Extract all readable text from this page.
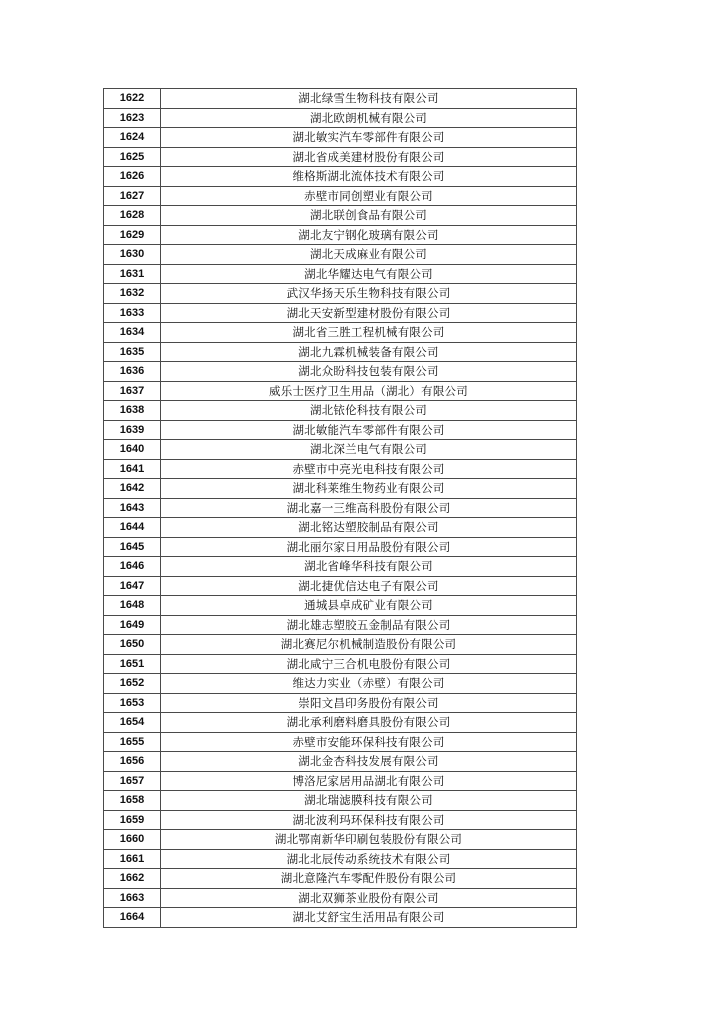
1622	湖北绿雪生物科技有限公司
1623	湖北欧朗机械有限公司
1624	湖北敏实汽车零部件有限公司
1625	湖北省成美建材股份有限公司
1626	维格斯湖北流体技术有限公司
1627	赤壁市同创塑业有限公司
1628	湖北联创食品有限公司
1629	湖北友宁钢化玻璃有限公司
1630	湖北天成麻业有限公司
1631	湖北华耀达电气有限公司
1632	武汉华扬天乐生物科技有限公司
1633	湖北天安新型建材股份有限公司
1634	湖北省三胜工程机械有限公司
1635	湖北九霖机械装备有限公司
1636	湖北众盼科技包装有限公司
1637	威乐士医疗卫生用品（湖北）有限公司
1638	湖北铱伦科技有限公司
1639	湖北敏能汽车零部件有限公司
1640	湖北深兰电气有限公司
1641	赤壁市中亮光电科技有限公司
1642	湖北科莱维生物药业有限公司
1643	湖北嘉一三维高科股份有限公司
1644	湖北铭达塑胶制品有限公司
1645	湖北丽尔家日用品股份有限公司
1646	湖北省峰华科技有限公司
1647	湖北捷优信达电子有限公司
1648	通城县卓成矿业有限公司
1649	湖北雄志塑胶五金制品有限公司
1650	湖北赛尼尔机械制造股份有限公司
1651	湖北咸宁三合机电股份有限公司
1652	维达力实业（赤壁）有限公司
1653	崇阳文昌印务股份有限公司
1654	湖北承利磨料磨具股份有限公司
1655	赤壁市安能环保科技有限公司
1656	湖北金杏科技发展有限公司
1657	博洛尼家居用品湖北有限公司
1658	湖北瑞滤膜科技有限公司
1659	湖北波利玛环保科技有限公司
1660	湖北鄂南新华印刷包装股份有限公司
1661	湖北北辰传动系统技术有限公司
1662	湖北意隆汽车零配件股份有限公司
1663	湖北双狮茶业股份有限公司
1664	湖北艾舒宝生活用品有限公司
